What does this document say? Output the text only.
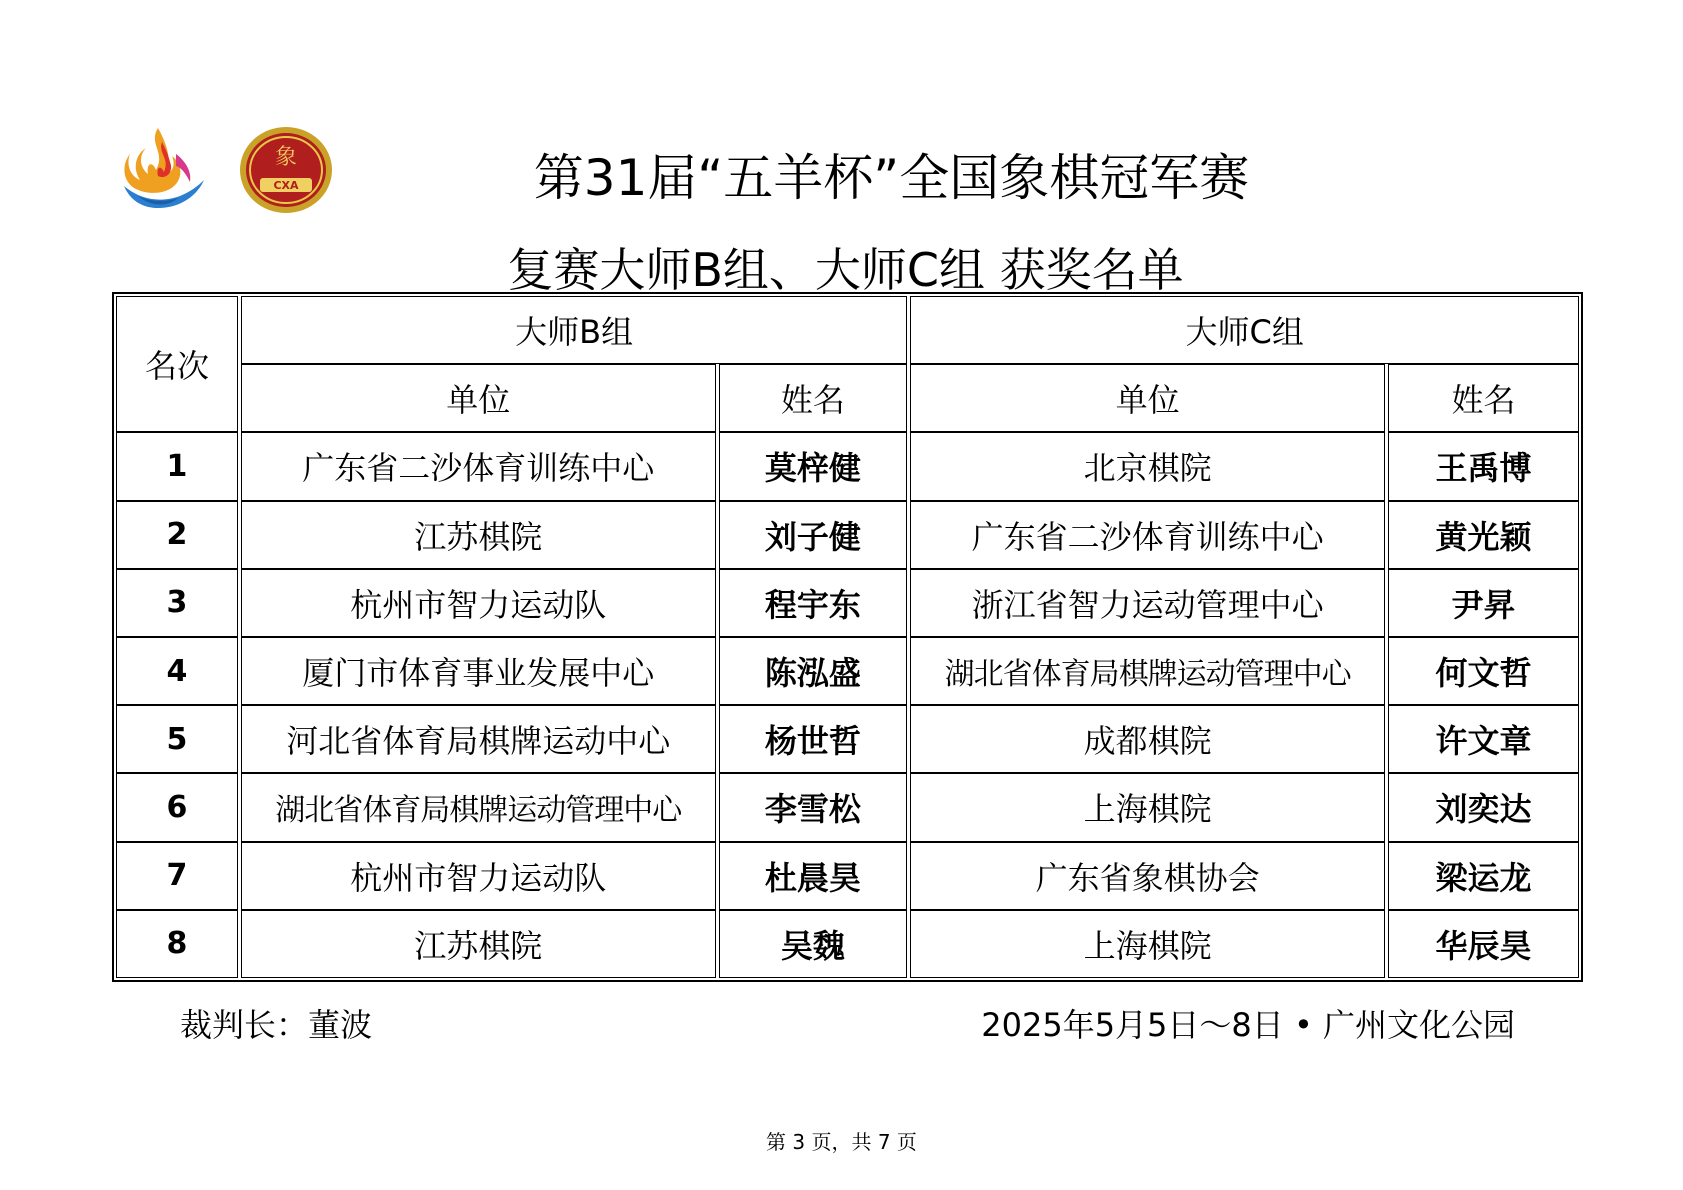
象
CXA	第31届“五羊杯”全国象棋冠军赛
复赛大师B组、大师C组 获奖名单
名次	大师B组		大师C组	
	单位	姓名	单位	姓名
1	广东省二沙体育训练中心	莫梓健	北京棋院	王禹博
2	江苏棋院	刘子健	广东省二沙体育训练中心	黄光颖
3	杭州市智力运动队	程宇东	浙江省智力运动管理中心	尹昇
4	厦门市体育事业发展中心	陈泓盛	湖北省体育局棋牌运动管理中心	何文哲
5	河北省体育局棋牌运动中心	杨世哲	成都棋院	许文章
6	湖北省体育局棋牌运动管理中心	李雪松	上海棋院	刘奕达
7	杭州市智力运动队	杜晨昊	广东省象棋协会	梁运龙
8	江苏棋院	吴魏	上海棋院	华辰昊
裁判长：董波	2025年5月5日～8日 • 广州文化公园
第 3 页，共 7 页
